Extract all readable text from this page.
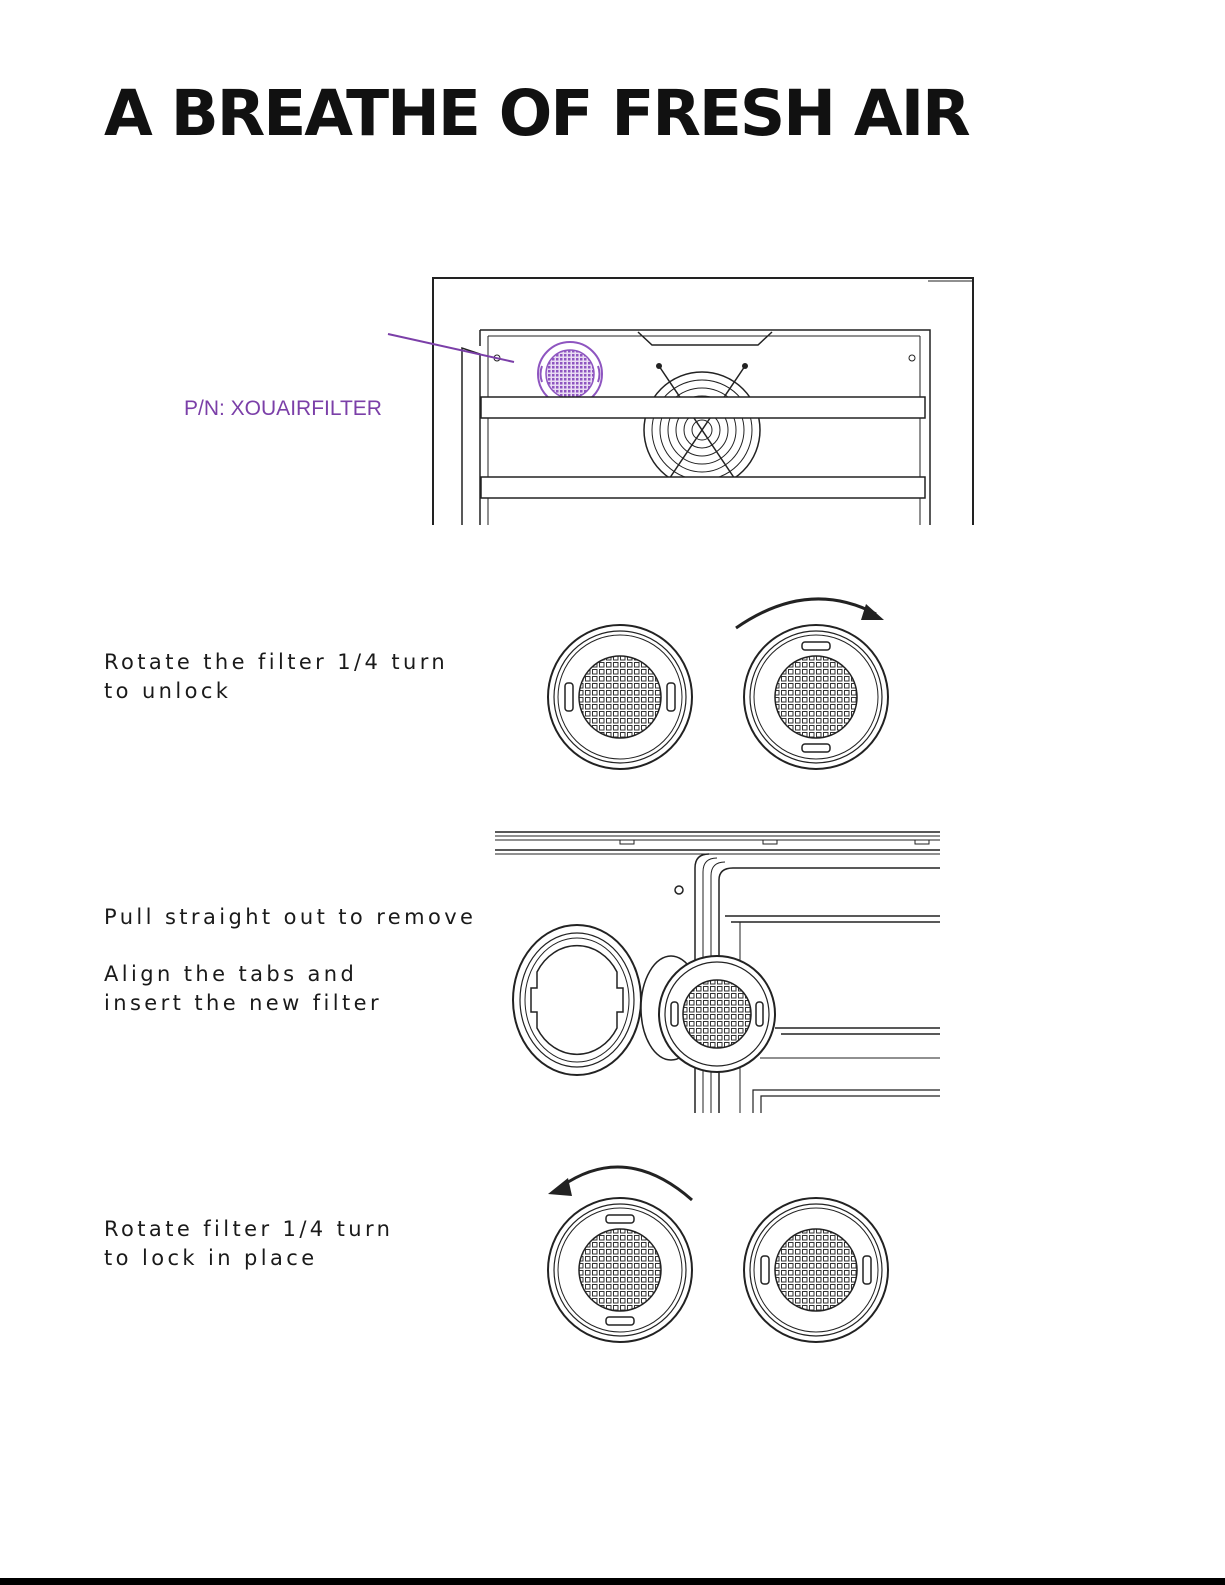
A BREATHE OF FRESH AIR
P/N: XOUAIRFILTER
Rotate the filter 1/4 turn
to unlock
Pull straight out to remove
Align the tabs and
insert the new filter
Rotate filter 1/4 turn
to lock in place
